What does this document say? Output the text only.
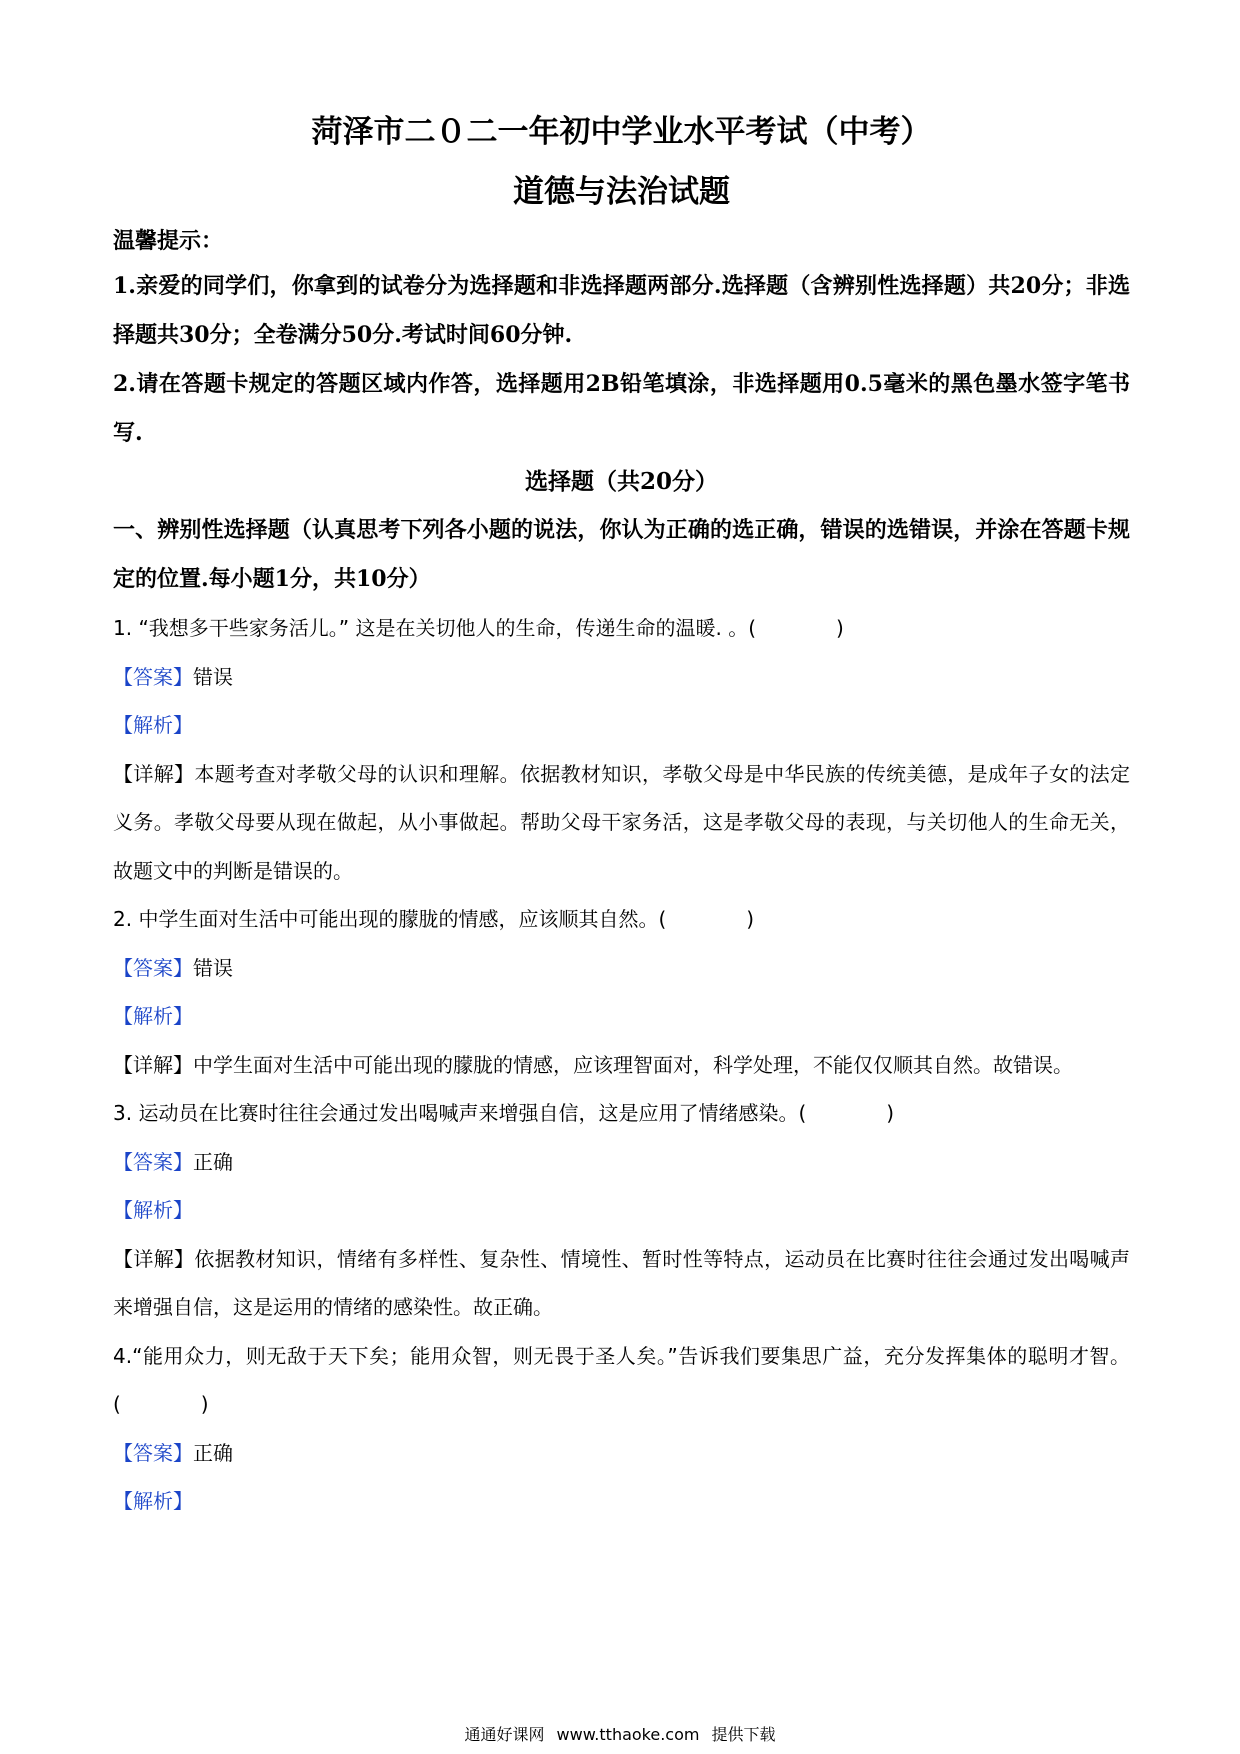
菏泽市二０二一年初中学业水平考试（中考）
道德与法治试题
温馨提示：

1.亲爱的同学们，你拿到的试卷分为选择题和非选择题两部分.选择题（含辨别性选择题）共20分；非选择题共30分；全卷满分50分.考试时间60分钟.

2.请在答题卡规定的答题区域内作答，选择题用2B铅笔填涂，非选择题用0.5毫米的黑色墨水签字笔书写.

选择题（共20分）

一、辨别性选择题（认真思考下列各小题的说法，你认为正确的选正确，错误的选错误，并涂在答题卡规定的位置.每小题1分，共10分）

1. “我想多干些家务活儿。” 这是在关切他人的生命，传递生命的温暖. 。(　　　　)

【答案】错误

【解析】

【详解】本题考查对孝敬父母的认识和理解。依据教材知识，孝敬父母是中华民族的传统美德，是成年子女的法定义务。孝敬父母要从现在做起，从小事做起。帮助父母干家务活，这是孝敬父母的表现，与关切他人的生命无关，故题文中的判断是错误的。

2. 中学生面对生活中可能出现的朦胧的情感，应该顺其自然。(　　　　)

【答案】错误

【解析】

【详解】中学生面对生活中可能出现的朦胧的情感，应该理智面对，科学处理，不能仅仅顺其自然。故错误。

3. 运动员在比赛时往往会通过发出喝喊声来增强自信，这是应用了情绪感染。(　　　　)

【答案】正确

【解析】

【详解】依据教材知识，情绪有多样性、复杂性、情境性、暂时性等特点，运动员在比赛时往往会通过发出喝喊声来增强自信，这是运用的情绪的感染性。故正确。

4.“能用众力，则无敌于天下矣；能用众智，则无畏于圣人矣。”告诉我们要集思广益，充分发挥集体的聪明才智。(　　　　)

【答案】正确

【解析】

通通好课网 www.tthaoke.com 提供下载
